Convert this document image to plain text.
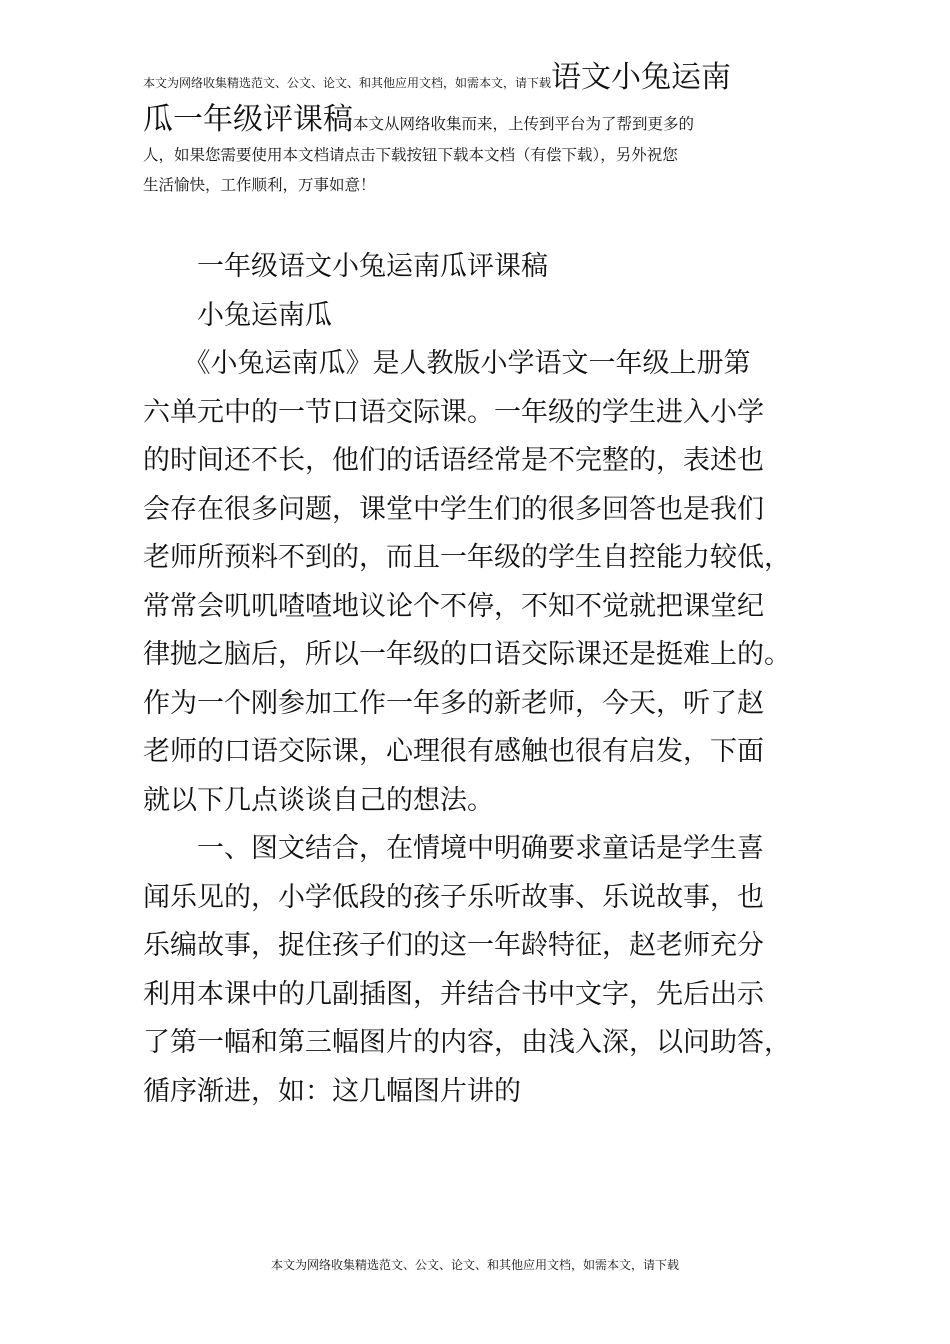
本文为网络收集精选范文、公文、论文、和其他应用文档，如需本文，请下载语文小兔运南
瓜一年级评课稿本文从网络收集而来，上传到平台为了帮到更多的
人，如果您需要使用本文档请点击下载按钮下载本文档（有偿下载），另外祝您
生活愉快，工作顺利，万事如意！
　　一年级语文小兔运南瓜评课稿
　　小兔运南瓜
　　《小兔运南瓜》是人教版小学语文一年级上册第
六单元中的一节口语交际课。一年级的学生进入小学
的时间还不长，他们的话语经常是不完整的，表述也
会存在很多问题，课堂中学生们的很多回答也是我们
老师所预料不到的，而且一年级的学生自控能力较低，
常常会叽叽喳喳地议论个不停，不知不觉就把课堂纪
律抛之脑后，所以一年级的口语交际课还是挺难上的。
作为一个刚参加工作一年多的新老师，今天，听了赵
老师的口语交际课，心理很有感触也很有启发，下面
就以下几点谈谈自己的想法。
　　一、图文结合，在情境中明确要求童话是学生喜
闻乐见的，小学低段的孩子乐听故事、乐说故事，也
乐编故事，捉住孩子们的这一年龄特征，赵老师充分
利用本课中的几副插图，并结合书中文字，先后出示
了第一幅和第三幅图片的内容，由浅入深，以问助答，
循序渐进，如：这几幅图片讲的
本文为网络收集精选范文、公文、论文、和其他应用文档，如需本文，请下载
